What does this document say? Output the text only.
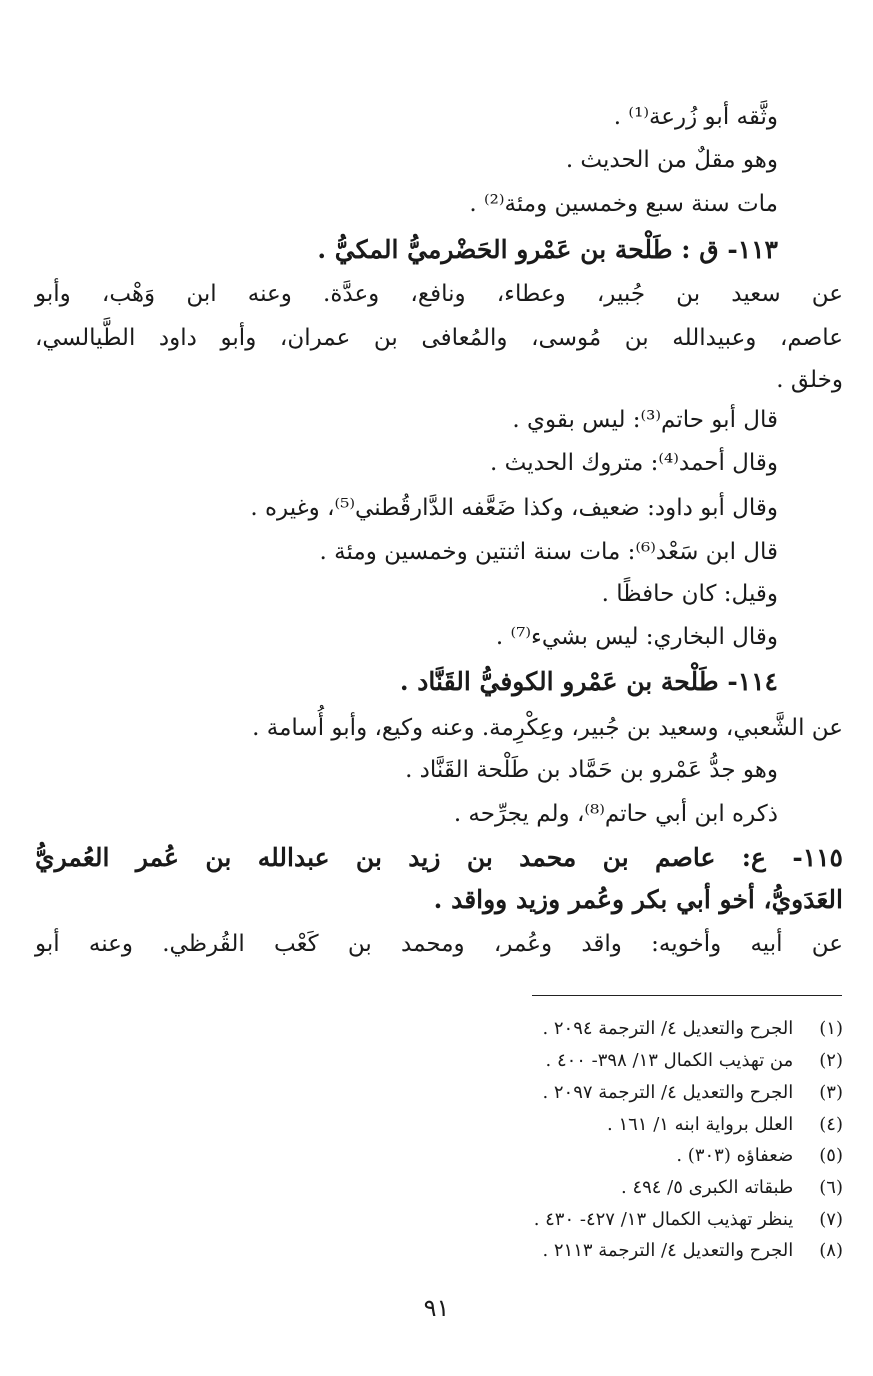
وثَّقه أبو زُرعة⁽¹⁾ .
وهو مقلٌ من الحديث .
مات سنة سبع وخمسين ومئة⁽²⁾ .
١١٣- ق : طَلْحة بن عَمْرو الحَضْرميُّ المكيُّ .
عن سعيد بن جُبير، وعطاء، ونافع، وعدَّة. وعنه ابن وَهْب، وأبو
عاصم، وعبيدالله بن مُوسى، والمُعافى بن عمران، وأبو داود الطَّيالسي،
وخلق .
قال أبو حاتم⁽³⁾: ليس بقوي .
وقال أحمد⁽⁴⁾: متروك الحديث .
وقال أبو داود: ضعيف، وكذا ضَعَّفه الدَّارقُطني⁽⁵⁾، وغيره .
قال ابن سَعْد⁽⁶⁾: مات سنة اثنتين وخمسين ومئة .
وقيل: كان حافظًا .
وقال البخاري: ليس بشيء⁽⁷⁾ .
١١٤- طَلْحة بن عَمْرو الكوفيُّ القَنَّاد .
عن الشَّعبي، وسعيد بن جُبير، وعِكْرِمة. وعنه وكيع، وأبو أُسامة .
وهو جدُّ عَمْرو بن حَمَّاد بن طَلْحة القَنَّاد .
ذكره ابن أبي حاتم⁽⁸⁾، ولم يجرِّحه .
١١٥- ع: عاصم بن محمد بن زيد بن عبدالله بن عُمر العُمريُّ
العَدَويُّ، أخو أبي بكر وعُمر وزيد وواقد .
عن أبيه وأخويه: واقد وعُمر، ومحمد بن كَعْب القُرظي. وعنه أبو
(١) الجرح والتعديل ٤/ الترجمة ٢٠٩٤ .
(٢) من تهذيب الكمال ١٣/ ٣٩٨- ٤٠٠ .
(٣) الجرح والتعديل ٤/ الترجمة ٢٠٩٧ .
(٤) العلل برواية ابنه ١/ ١٦١ .
(٥) ضعفاؤه (٣٠٣) .
(٦) طبقاته الكبرى ٥/ ٤٩٤ .
(٧) ينظر تهذيب الكمال ١٣/ ٤٢٧- ٤٣٠ .
(٨) الجرح والتعديل ٤/ الترجمة ٢١١٣ .
٩١
